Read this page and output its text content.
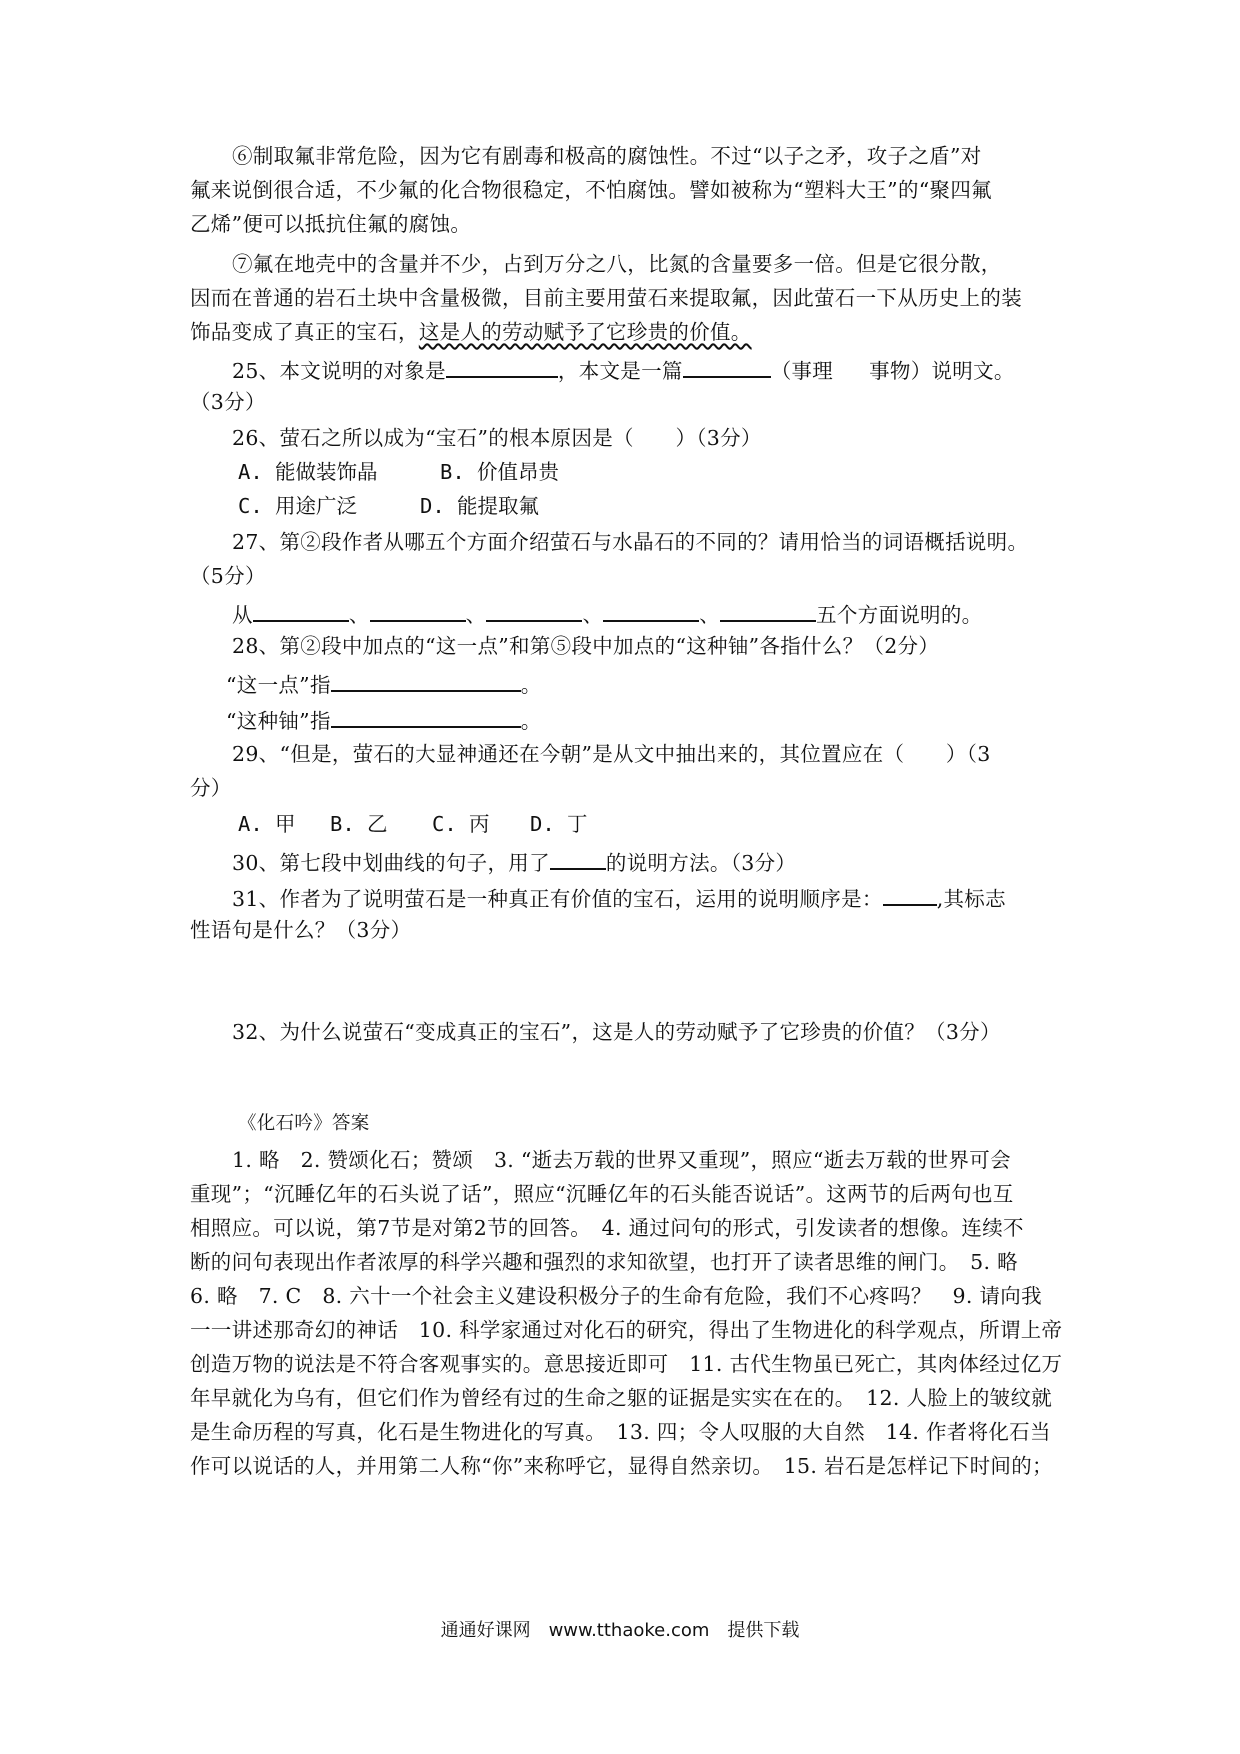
⑥制取氟非常危险，因为它有剧毒和极高的腐蚀性。不过“以子之矛，攻子之盾”对
氟来说倒很合适，不少氟的化合物很稳定，不怕腐蚀。譬如被称为“塑料大王”的“聚四氟
乙烯”便可以抵抗住氟的腐蚀。
⑦氟在地壳中的含量并不少，占到万分之八，比氮的含量要多一倍。但是它很分散，
因而在普通的岩石土块中含量极微，目前主要用萤石来提取氟，因此萤石一下从历史上的装
饰品变成了真正的宝石，这是人的劳动赋予了它珍贵的价值。
25、本文说明的对象是	，本文是一篇	（事理 事物）说明文。
（3分）
26、萤石之所以成为“宝石”的根本原因是（　　）（3分）
A. 能做装饰晶	B. 价值昂贵
C. 用途广泛	D. 能提取氟
27、第②段作者从哪五个方面介绍萤石与水晶石的不同的？请用恰当的词语概括说明。
（5分）
从	、	、	、	、	五个方面说明的。
28、第②段中加点的“这一点”和第⑤段中加点的“这种铀”各指什么？（2分）
“这一点”指	。
“这种铀”指	。
29、“但是，萤石的大显神通还在今朝”是从文中抽出来的，其位置应在（　　）（3
分）
A. 甲 B. 乙 C. 丙 D. 丁
30、第七段中划曲线的句子，用了	的说明方法。（3分）
31、作者为了说明萤石是一种真正有价值的宝石，运用的说明顺序是：	,其标志
性语句是什么？（3分）
32、为什么说萤石“变成真正的宝石”，这是人的劳动赋予了它珍贵的价值？（3分）
《化石吟》答案
1. 略　2. 赞颂化石；赞颂　3. “逝去万载的世界又重现”，照应“逝去万载的世界可会
重现”；“沉睡亿年的石头说了话”，照应“沉睡亿年的石头能否说话”。这两节的后两句也互
相照应。可以说，第7节是对第2节的回答。　4. 通过问句的形式，引发读者的想像。连续不
断的问句表现出作者浓厚的科学兴趣和强烈的求知欲望，也打开了读者思维的闸门。　5. 略
6. 略　7. C　8. 六十一个社会主义建设积极分子的生命有危险，我们不心疼吗？　9. 请向我
一一讲述那奇幻的神话　10. 科学家通过对化石的研究，得出了生物进化的科学观点，所谓上帝
创造万物的说法是不符合客观事实的。意思接近即可　11. 古代生物虽已死亡，其肉体经过亿万
年早就化为乌有，但它们作为曾经有过的生命之躯的证据是实实在在的。　12. 人脸上的皱纹就
是生命历程的写真，化石是生物进化的写真。　13. 四；令人叹服的大自然　14. 作者将化石当
作可以说话的人，并用第二人称“你”来称呼它，显得自然亲切。　15. 岩石是怎样记下时间的；
通通好课网　www.tthaoke.com　提供下载
